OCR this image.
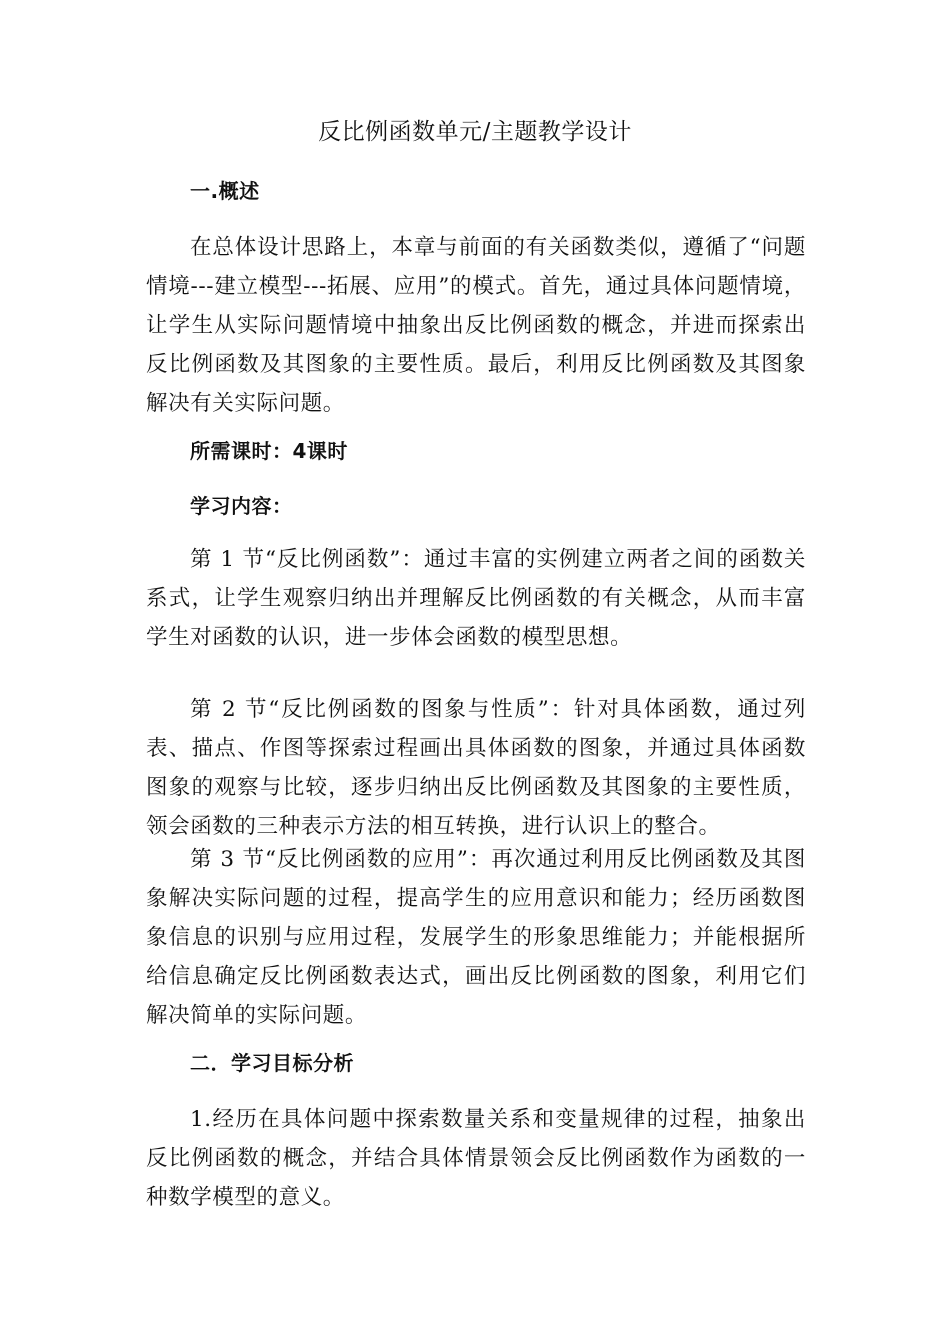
反比例函数单元/主题教学设计
一.概述

在总体设计思路上，本章与前面的有关函数类似，遵循了“问题情境---建立模型---拓展、应用”的模式。首先，通过具体问题情境，让学生从实际问题情境中抽象出反比例函数的概念，并进而探索出反比例函数及其图象的主要性质。最后，利用反比例函数及其图象解决有关实际问题。

所需课时：4课时
学习内容：

第 1 节“反比例函数”：通过丰富的实例建立两者之间的函数关系式，让学生观察归纳出并理解反比例函数的有关概念，从而丰富学生对函数的认识，进一步体会函数的模型思想。

第 2 节“反比例函数的图象与性质”：针对具体函数，通过列表、描点、作图等探索过程画出具体函数的图象，并通过具体函数图象的观察与比较，逐步归纳出反比例函数及其图象的主要性质，领会函数的三种表示方法的相互转换，进行认识上的整合。

第 3 节“反比例函数的应用”：再次通过利用反比例函数及其图象解决实际问题的过程，提高学生的应用意识和能力；经历函数图象信息的识别与应用过程，发展学生的形象思维能力；并能根据所给信息确定反比例函数表达式，画出反比例函数的图象，利用它们解决简单的实际问题。

二．学习目标分析

1.经历在具体问题中探索数量关系和变量规律的过程，抽象出反比例函数的概念，并结合具体情景领会反比例函数作为函数的一种数学模型的意义。
